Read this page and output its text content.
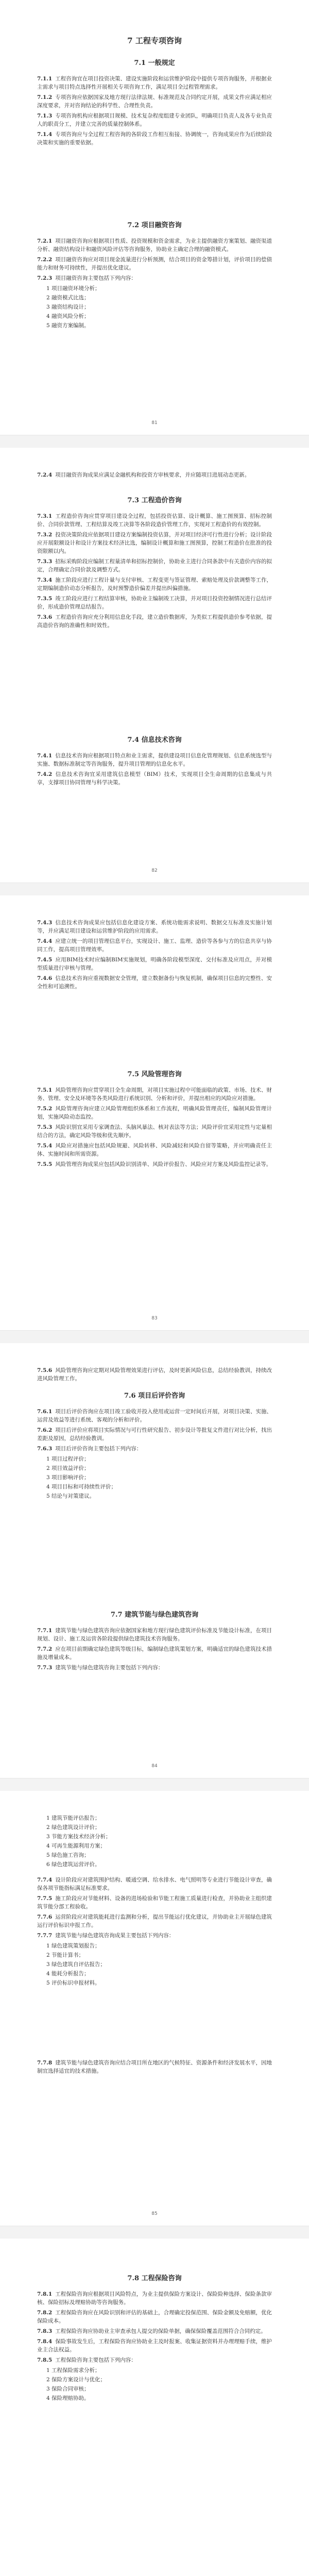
7 工程专项咨询
7.1 一般规定

7.1.1 工程咨询宜在项目投资决策、建设实施阶段和运营维护阶段中提供专项咨询服务，并根据业主需求与项目特点选择性开展相关专项咨询工作，满足项目全过程管理需求。

7.1.2 专项咨询应依据国家及地方现行法律法规、标准规范及合同约定开展，成果文件应满足相应深度要求，并对咨询结论的科学性、合理性负责。

7.1.3 专项咨询机构应根据项目规模、技术复杂程度组建专业团队，明确项目负责人及各专业负责人的职责分工，并建立完善的质量控制体系。

7.1.4 专项咨询应与全过程工程咨询的各阶段工作相互衔接、协调统一，咨询成果应作为后续阶段决策和实施的重要依据。

7.2 项目融资咨询

7.2.1 项目融资咨询应根据项目性质、投资规模和资金需求，为业主提供融资方案策划、融资渠道分析、融资结构设计和融资风险评估等咨询服务，协助业主确定合理的融资模式。

7.2.2 项目融资咨询应对项目现金流量进行分析预测，结合项目的资金筹措计划，评价项目的偿债能力和财务可持续性，并提出优化建议。

7.2.3 项目融资咨询主要包括下列内容：

1 项目融资环境分析；

2 融资模式比选；

3 融资结构设计；

4 融资风险分析；

5 融资方案编制。

81

7.2.4 项目融资咨询成果应满足金融机构和投资方审核要求，并应随项目进展动态更新。

7.3 工程造价咨询

7.3.1 工程造价咨询应贯穿项目建设全过程，包括投资估算、设计概算、施工图预算、招标控制价、合同价款管理、工程结算及竣工决算等各阶段造价管理工作，实现对工程造价的有效控制。

7.3.2 投资决策阶段应依据项目建设方案编制投资估算，并对项目经济可行性进行分析；设计阶段应开展限额设计和设计方案技术经济比选，编制设计概算和施工图预算，控制工程造价在批准的投资限额以内。

7.3.3 招标采购阶段应编制工程量清单和招标控制价，协助业主进行合同条款中有关造价内容的拟定，合理确定合同价款及调整方式。

7.3.4 施工阶段应进行工程计量与支付审核、工程变更与签证管理、索赔处理及价款调整等工作，定期编制造价动态分析报告，及时预警造价偏差并提出纠偏措施。

7.3.5 竣工阶段应进行工程结算审核，协助业主编制竣工决算，并对项目投资控制情况进行总结评价，形成造价管理总结报告。

7.3.6 工程造价咨询应充分利用信息化手段，建立造价数据库，为类似工程提供造价参考依据，提高造价咨询的准确性和时效性。

7.4 信息技术咨询

7.4.1 信息技术咨询应根据项目特点和业主需求，提供建设项目信息化管理规划、信息系统选型与实施、数据标准制定等咨询服务，提升项目管理的信息化水平。

7.4.2 信息技术咨询宜采用建筑信息模型（BIM）技术，实现项目全生命周期的信息集成与共享，支撑项目协同管理与科学决策。

82

7.4.3 信息技术咨询成果应包括信息化建设方案、系统功能需求说明、数据交互标准及实施计划等，并应满足项目建设和运营维护阶段的应用需求。

7.4.4 应建立统一的项目管理信息平台，实现设计、施工、监理、造价等各参与方的信息共享与协同工作，提高项目管理效率。

7.4.5 应用BIM技术时应编制BIM实施规划，明确各阶段模型深度、交付标准及应用点，并对模型质量进行审核与管理。

7.4.6 信息技术咨询应重视数据安全管理，建立数据备份与恢复机制，确保项目信息的完整性、安全性和可追溯性。

7.5 风险管理咨询

7.5.1 风险管理咨询应贯穿项目全生命周期，对项目实施过程中可能面临的政策、市场、技术、财务、管理、安全及环境等各类风险进行系统识别、分析和评价，并提出相应的风险应对措施。

7.5.2 风险管理咨询应建立风险管理组织体系和工作流程，明确风险管理责任，编制风险管理计划，实施风险动态监控。

7.5.3 风险识别宜采用专家调查法、头脑风暴法、核对表法等方法；风险评价宜采用定性与定量相结合的方法，确定风险等级和优先顺序。

7.5.4 风险应对措施应包括风险规避、风险转移、风险减轻和风险自留等策略，并应明确责任主体、实施时间和所需资源。

7.5.5 风险管理咨询成果应包括风险识别清单、风险评价报告、风险应对方案及风险监控记录等。

83

7.5.6 风险管理咨询应定期对风险管理效果进行评估，及时更新风险信息，总结经验教训，持续改进风险管理工作。

7.6 项目后评价咨询

7.6.1 项目后评价咨询应在项目竣工验收并投入使用或运营一定时间后开展，对项目决策、实施、运营及效益等进行系统、客观的分析和评价。

7.6.2 项目后评价应将项目实际情况与可行性研究报告、初步设计等批复文件进行对比分析，找出差距及原因，总结经验教训。

7.6.3 项目后评价咨询主要包括下列内容：

1 项目过程评价；

2 项目效益评价；

3 项目影响评价；

4 项目目标和可持续性评价；

5 结论与对策建议。

7.7 建筑节能与绿色建筑咨询

7.7.1 建筑节能与绿色建筑咨询应依据国家和地方现行绿色建筑评价标准及节能设计标准，在项目规划、设计、施工及运营各阶段提供绿色建筑技术咨询服务。

7.7.2 应在项目前期确定绿色建筑等级目标，编制绿色建筑策划方案，明确适宜的绿色建筑技术措施及增量成本。

7.7.3 建筑节能与绿色建筑咨询主要包括下列内容：

84

1 建筑节能评估报告；

2 绿色建筑设计评价；

3 节能方案技术经济分析；

4 可再生能源利用方案；

5 绿色施工咨询；

6 绿色建筑运营评价。

7.7.4 设计阶段应对建筑围护结构、暖通空调、给水排水、电气照明等专业进行节能设计审查，确保各项节能指标满足标准要求。

7.7.5 施工阶段应对节能材料、设备的进场检验和节能工程施工质量进行检查，并协助业主组织建筑节能分部工程验收。

7.7.6 运营阶段应对建筑能耗进行监测和分析，提出节能运行优化建议，并协助业主开展绿色建筑运行评价标识申报工作。

7.7.7 建筑节能与绿色建筑咨询成果主要包括下列内容：

1 绿色建筑策划报告；

2 节能计算书；

3 绿色建筑自评估报告；

4 能耗分析报告；

5 评价标识申报材料。

7.7.8 建筑节能与绿色建筑咨询应结合项目所在地区的气候特征、资源条件和经济发展水平，因地制宜选择适宜的技术措施。

85
7.8 工程保险咨询

7.8.1 工程保险咨询应根据项目风险特点，为业主提供保险方案设计、保险险种选择、保险条款审核、保险招标及理赔协助等咨询服务。

7.8.2 工程保险咨询应在风险识别和评估的基础上，合理确定投保范围、保险金额及免赔额，优化保险成本。

7.8.3 工程保险咨询应协助业主审查承包人提交的保险单据，确保保险覆盖范围符合合同约定。

7.8.4 保险事故发生后，工程保险咨询应协助业主及时报案、收集证据资料并办理理赔手续，维护业主合法权益。

7.8.5 工程保险咨询主要包括下列内容：

1 工程保险需求分析；

2 保险方案设计与优化；

3 保险合同审核；

4 保险理赔协助。
